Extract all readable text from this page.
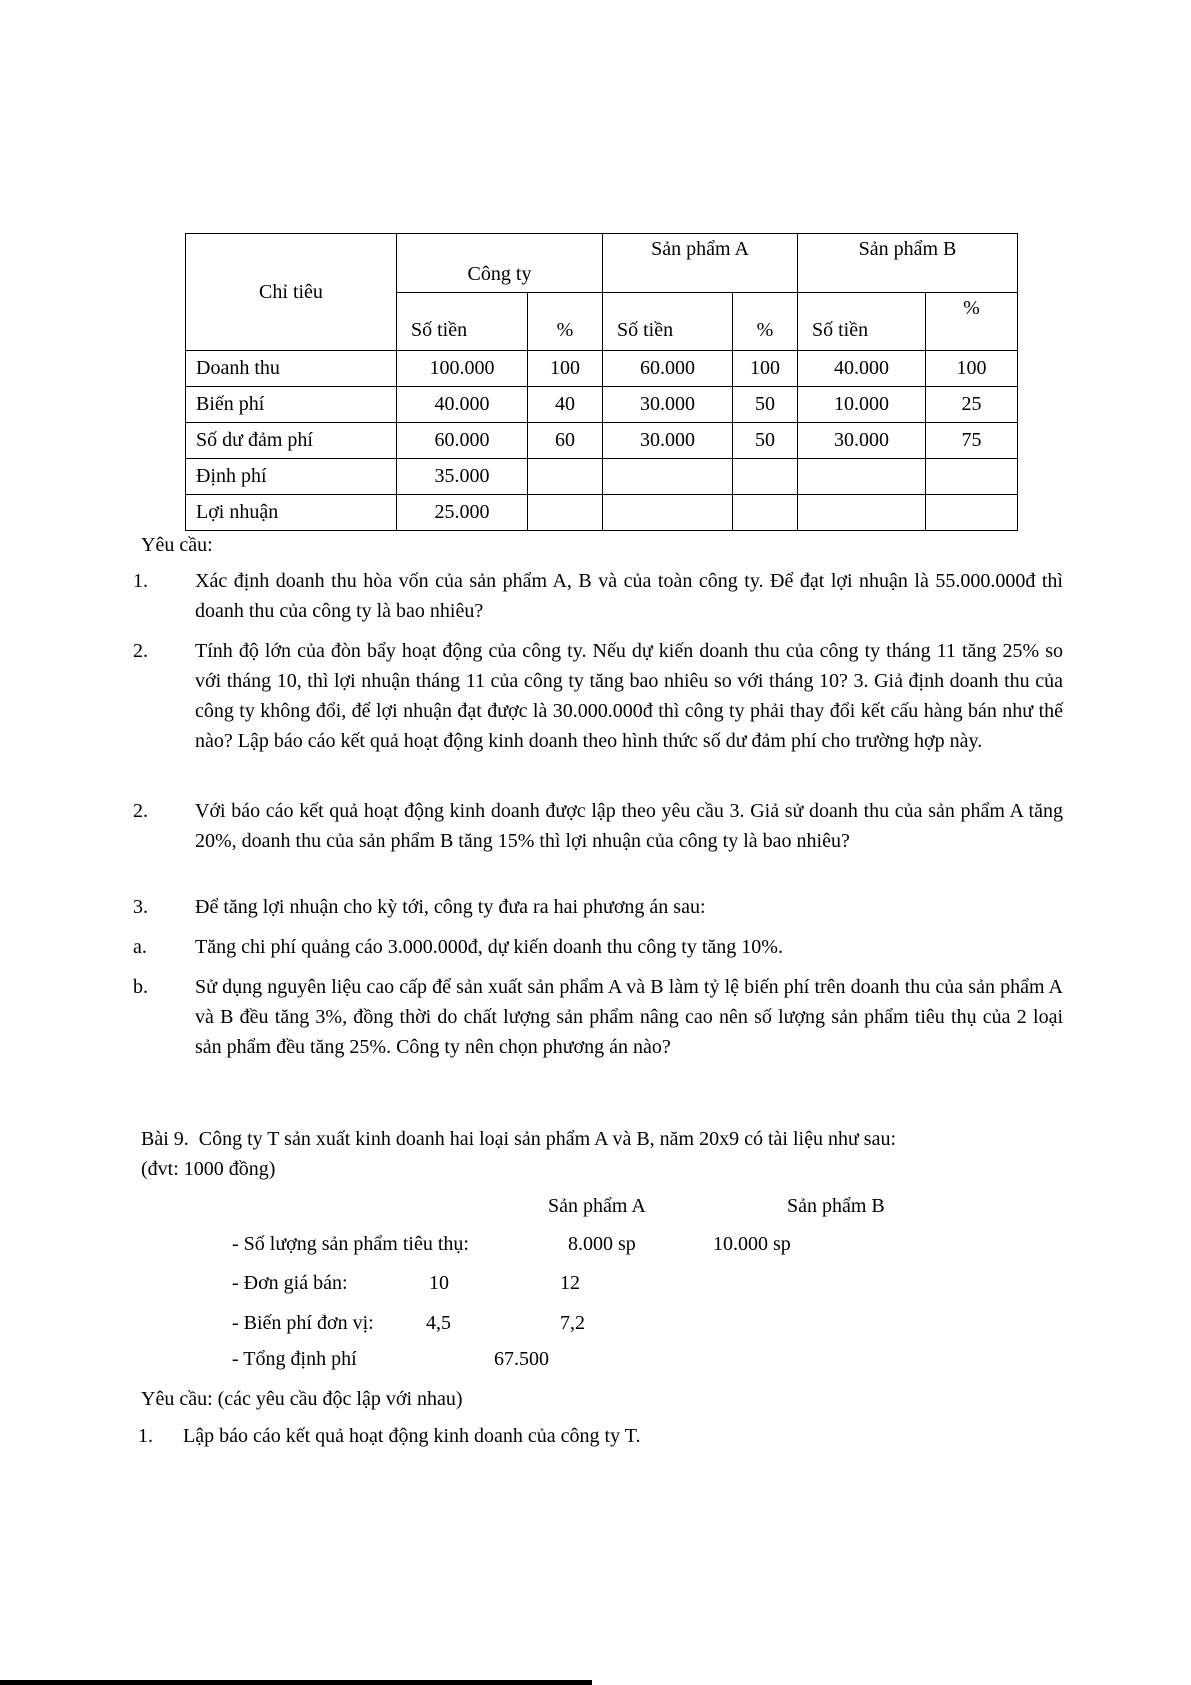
Chỉ tiêu	Công ty		Sản phẩm A		Sản phẩm B	
	Số tiền	%	Số tiền	%	Số tiền	%
Doanh thu	100.000	100	60.000	100	40.000	100
Biến phí	40.000	40	30.000	50	10.000	25
Số dư đảm phí	60.000	60	30.000	50	30.000	75
Định phí	35.000					
Lợi nhuận	25.000					
Yêu cầu:
1. Xác định doanh thu hòa vốn của sản phẩm A, B và của toàn công ty. Để đạt lợi nhuận là 55.000.000đ thì doanh thu của công ty là bao nhiêu?
2. Tính độ lớn của đòn bẩy hoạt động của công ty. Nếu dự kiến doanh thu của công ty tháng 11 tăng 25% so với tháng 10, thì lợi nhuận tháng 11 của công ty tăng bao nhiêu so với tháng 10? 3. Giả định doanh thu của công ty không đổi, để lợi nhuận đạt được là 30.000.000đ thì công ty phải thay đổi kết cấu hàng bán như thế nào? Lập báo cáo kết quả hoạt động kinh doanh theo hình thức số dư đảm phí cho trường hợp này.
2. Với báo cáo kết quả hoạt động kinh doanh được lập theo yêu cầu 3. Giả sử doanh thu của sản phẩm A tăng 20%, doanh thu của sản phẩm B tăng 15% thì lợi nhuận của công ty là bao nhiêu?
3. Để tăng lợi nhuận cho kỳ tới, công ty đưa ra hai phương án sau:
a. Tăng chi phí quảng cáo 3.000.000đ, dự kiến doanh thu công ty tăng 10%.
b. Sử dụng nguyên liệu cao cấp để sản xuất sản phẩm A và B làm tỷ lệ biến phí trên doanh thu của sản phẩm A và B đều tăng 3%, đồng thời do chất lượng sản phẩm nâng cao nên số lượng sản phẩm tiêu thụ của 2 loại sản phẩm đều tăng 25%. Công ty nên chọn phương án nào?
Bài 9.  Công ty T sản xuất kinh doanh hai loại sản phẩm A và B, năm 20x9 có tài liệu như sau:
(đvt: 1000 đồng)
Sản phẩm A	Sản phẩm B
- Số lượng sản phẩm tiêu thụ:	8.000 sp	10.000 sp
- Đơn giá bán:	10	12
- Biến phí đơn vị:	4,5	7,2
- Tổng định phí	67.500
Yêu cầu: (các yêu cầu độc lập với nhau)
1. Lập báo cáo kết quả hoạt động kinh doanh của công ty T.
